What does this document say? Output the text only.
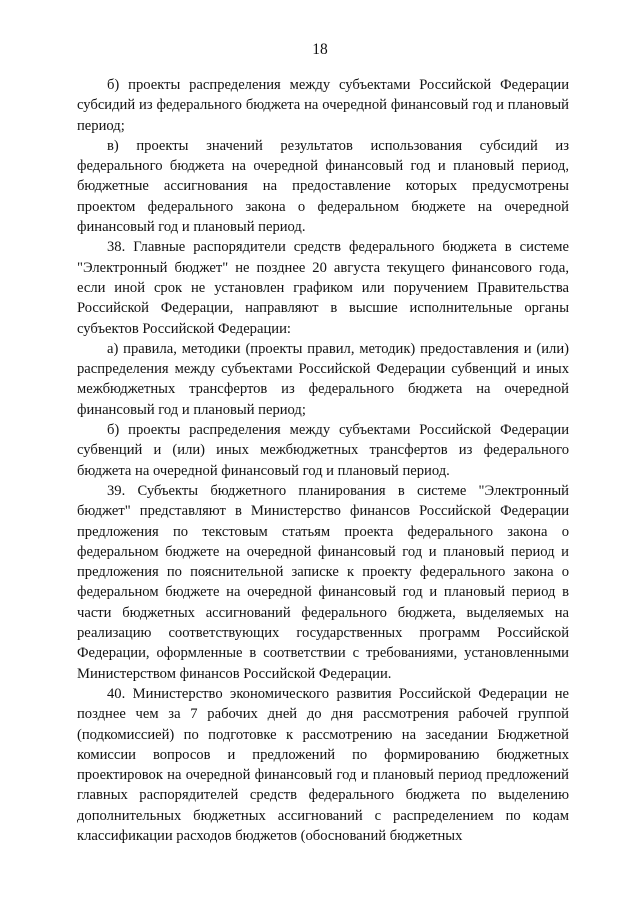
18

б) проекты распределения между субъектами Российской Федерации субсидий из федерального бюджета на очередной финансовый год и плановый период;

в) проекты значений результатов использования субсидий из федерального бюджета на очередной финансовый год и плановый период, бюджетные ассигнования на предоставление которых предусмотрены проектом федерального закона о федеральном бюджете на очередной финансовый год и плановый период.

38. Главные распорядители средств федерального бюджета в системе "Электронный бюджет" не позднее 20 августа текущего финансового года, если иной срок не установлен графиком или поручением Правительства Российской Федерации, направляют в высшие исполнительные органы субъектов Российской Федерации:

а) правила, методики (проекты правил, методик) предоставления и (или) распределения между субъектами Российской Федерации субвенций и иных межбюджетных трансфертов из федерального бюджета на очередной финансовый год и плановый период;

б) проекты распределения между субъектами Российской Федерации субвенций и (или) иных межбюджетных трансфертов из федерального бюджета на очередной финансовый год и плановый период.

39. Субъекты бюджетного планирования в системе "Электронный бюджет" представляют в Министерство финансов Российской Федерации предложения по текстовым статьям проекта федерального закона о федеральном бюджете на очередной финансовый год и плановый период и предложения по пояснительной записке к проекту федерального закона о федеральном бюджете на очередной финансовый год и плановый период в части бюджетных ассигнований федерального бюджета, выделяемых на реализацию соответствующих государственных программ Российской Федерации, оформленные в соответствии с требованиями, установленными Министерством финансов Российской Федерации.

40. Министерство экономического развития Российской Федерации не позднее чем за 7 рабочих дней до дня рассмотрения рабочей группой (подкомиссией) по подготовке к рассмотрению на заседании Бюджетной комиссии вопросов и предложений по формированию бюджетных проектировок на очередной финансовый год и плановый период предложений главных распорядителей средств федерального бюджета по выделению дополнительных бюджетных ассигнований с распределением по кодам классификации расходов бюджетов (обоснований бюджетных
